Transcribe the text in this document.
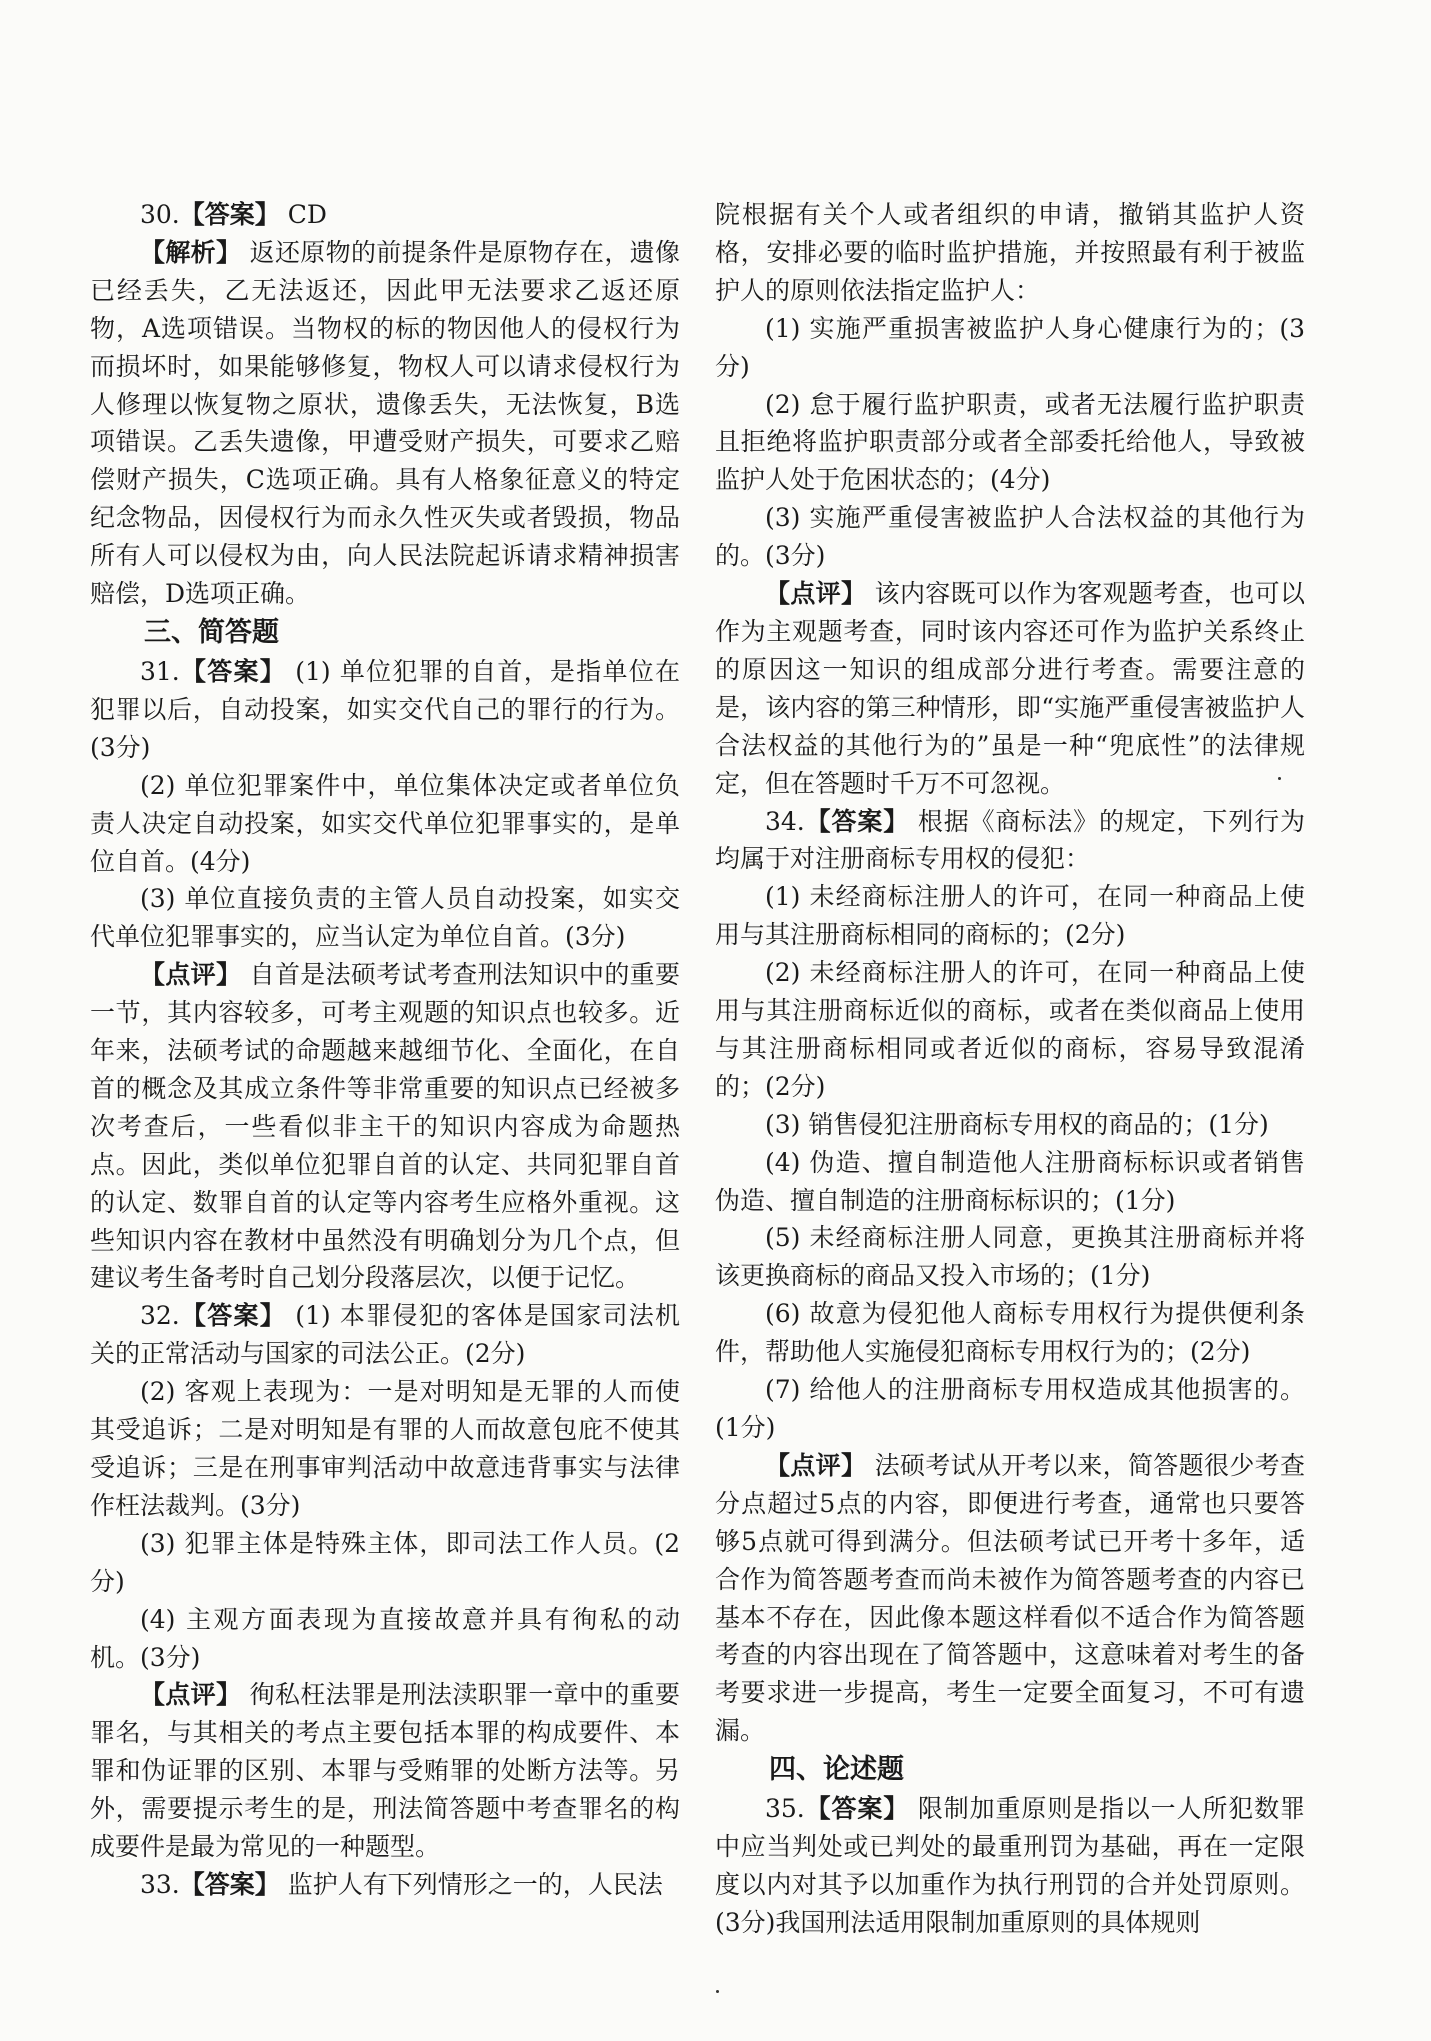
30.【答案】 CD

【解析】 返还原物的前提条件是原物存在，遗像已经丢失，乙无法返还，因此甲无法要求乙返还原物，A选项错误。当物权的标的物因他人的侵权行为而损坏时，如果能够修复，物权人可以请求侵权行为人修理以恢复物之原状，遗像丢失，无法恢复，B选项错误。乙丢失遗像，甲遭受财产损失，可要求乙赔偿财产损失，C选项正确。具有人格象征意义的特定纪念物品，因侵权行为而永久性灭失或者毁损，物品所有人可以侵权为由，向人民法院起诉请求精神损害赔偿，D选项正确。

三、简答题

31.【答案】 (1) 单位犯罪的自首，是指单位在犯罪以后，自动投案，如实交代自己的罪行的行为。(3分)

(2) 单位犯罪案件中，单位集体决定或者单位负责人决定自动投案，如实交代单位犯罪事实的，是单位自首。(4分)

(3) 单位直接负责的主管人员自动投案，如实交代单位犯罪事实的，应当认定为单位自首。(3分)

【点评】 自首是法硕考试考查刑法知识中的重要一节，其内容较多，可考主观题的知识点也较多。近年来，法硕考试的命题越来越细节化、全面化，在自首的概念及其成立条件等非常重要的知识点已经被多次考查后，一些看似非主干的知识内容成为命题热点。因此，类似单位犯罪自首的认定、共同犯罪自首的认定、数罪自首的认定等内容考生应格外重视。这些知识内容在教材中虽然没有明确划分为几个点，但建议考生备考时自己划分段落层次，以便于记忆。

32.【答案】 (1) 本罪侵犯的客体是国家司法机关的正常活动与国家的司法公正。(2分)

(2) 客观上表现为：一是对明知是无罪的人而使其受追诉；二是对明知是有罪的人而故意包庇不使其受追诉；三是在刑事审判活动中故意违背事实与法律作枉法裁判。(3分)

(3) 犯罪主体是特殊主体，即司法工作人员。(2分)

(4) 主观方面表现为直接故意并具有徇私的动机。(3分)

【点评】 徇私枉法罪是刑法渎职罪一章中的重要罪名，与其相关的考点主要包括本罪的构成要件、本罪和伪证罪的区别、本罪与受贿罪的处断方法等。另外，需要提示考生的是，刑法简答题中考查罪名的构成要件是最为常见的一种题型。

33.【答案】 监护人有下列情形之一的，人民法

院根据有关个人或者组织的申请，撤销其监护人资格，安排必要的临时监护措施，并按照最有利于被监护人的原则依法指定监护人：

(1) 实施严重损害被监护人身心健康行为的；(3分)

(2) 怠于履行监护职责，或者无法履行监护职责且拒绝将监护职责部分或者全部委托给他人，导致被监护人处于危困状态的；(4分)

(3) 实施严重侵害被监护人合法权益的其他行为的。(3分)

【点评】 该内容既可以作为客观题考查，也可以作为主观题考查，同时该内容还可作为监护关系终止的原因这一知识的组成部分进行考查。需要注意的是，该内容的第三种情形，即“实施严重侵害被监护人合法权益的其他行为的”虽是一种“兜底性”的法律规定，但在答题时千万不可忽视。

34.【答案】 根据《商标法》的规定，下列行为均属于对注册商标专用权的侵犯：

(1) 未经商标注册人的许可，在同一种商品上使用与其注册商标相同的商标的；(2分)

(2) 未经商标注册人的许可，在同一种商品上使用与其注册商标近似的商标，或者在类似商品上使用与其注册商标相同或者近似的商标，容易导致混淆的；(2分)

(3) 销售侵犯注册商标专用权的商品的；(1分)

(4) 伪造、擅自制造他人注册商标标识或者销售伪造、擅自制造的注册商标标识的；(1分)

(5) 未经商标注册人同意，更换其注册商标并将该更换商标的商品又投入市场的；(1分)

(6) 故意为侵犯他人商标专用权行为提供便利条件，帮助他人实施侵犯商标专用权行为的；(2分)

(7) 给他人的注册商标专用权造成其他损害的。(1分)

【点评】 法硕考试从开考以来，简答题很少考查分点超过5点的内容，即便进行考查，通常也只要答够5点就可得到满分。但法硕考试已开考十多年，适合作为简答题考查而尚未被作为简答题考查的内容已基本不存在，因此像本题这样看似不适合作为简答题考查的内容出现在了简答题中，这意味着对考生的备考要求进一步提高，考生一定要全面复习，不可有遗漏。

四、论述题

35.【答案】 限制加重原则是指以一人所犯数罪中应当判处或已判处的最重刑罚为基础，再在一定限度以内对其予以加重作为执行刑罚的合并处罚原则。(3分)我国刑法适用限制加重原则的具体规则
